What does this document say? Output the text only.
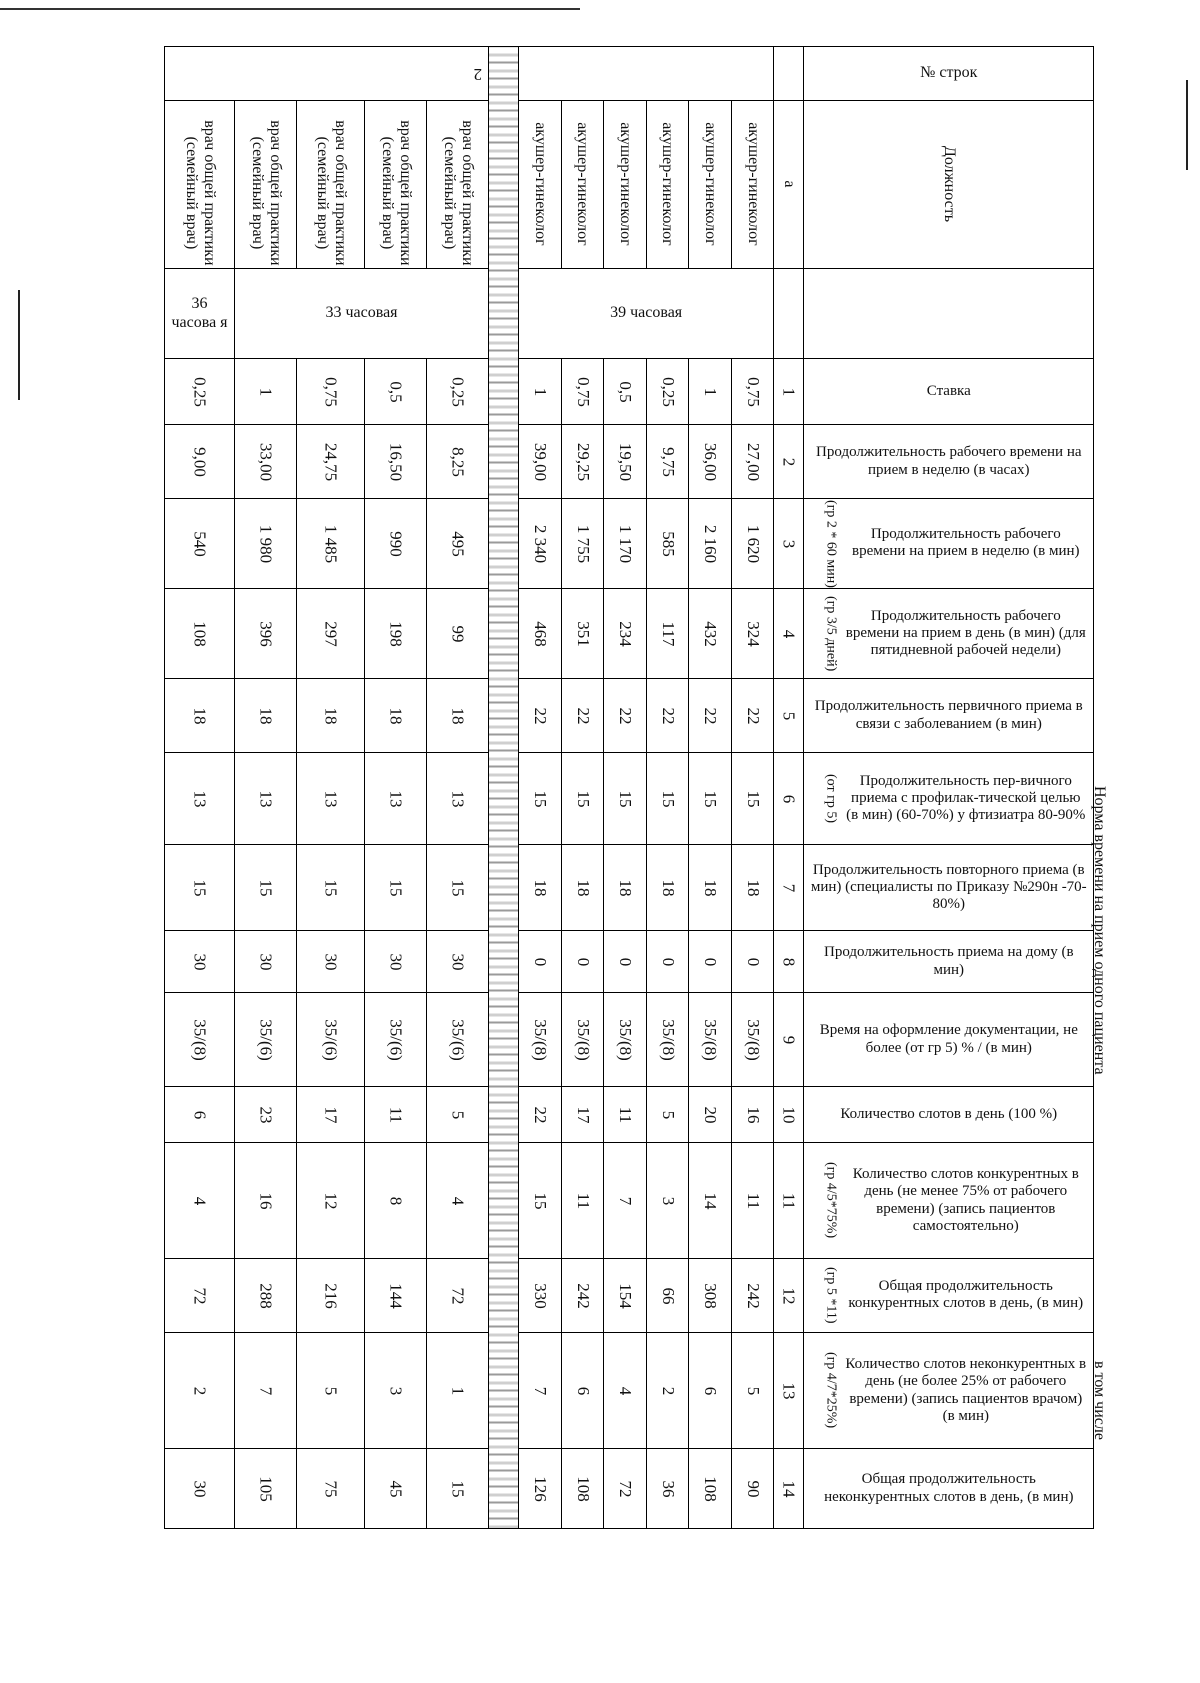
2													№ строк

врач общей практики (семейный врач)	врач общей практики (семейный врач)	врач общей практики (семейный врач)	врач общей практики (семейный врач)	врач общей практики (семейный врач)		акушер-гинеколог	акушер-гинеколог	акушер-гинеколог	акушер-гинеколог	акушер-гинеколог	акушер-гинеколог	а	Должность

36 часова я	33 часовая					39 часовая							

0,25	1	0,75	0,5	0,25		1	0,75	0,5	0,25	1	0,75	1	Ставка

9,00	33,00	24,75	16,50	8,25		39,00	29,25	19,50	9,75	36,00	27,00	2	Продолжительность рабочего времени на прием в неделю (в часах)

540	1 980	1 485	990	495		2 340	1 755	1 170	585	2 160	1 620	3	(гр 2 * 60 мин) Продолжительность рабочего времени на прием в неделю (в мин)

108	396	297	198	99		468	351	234	117	432	324	4	(гр 3/5 дней) Продолжительность рабочего времени на прием в день (в мин) (для пятидневной рабочей недели)

18	18	18	18	18		22	22	22	22	22	22	5	Продолжительность первичного приема в связи с заболеванием (в мин)

13	13	13	13	13		15	15	15	15	15	15	6	(от гр 5) Продолжительность пер-вичного приема с профилак-тической целью (в мин) (60-70%) у фтизиатра 80-90%

15	15	15	15	15		18	18	18	18	18	18	7	Продолжительность повторного приема (в мин) (специалисты по Приказу №290н -70-80%)

30	30	30	30	30		0	0	0	0	0	0	8	Продолжительность приема на дому (в мин)

35/(8)	35/(6)	35/(6)	35/(6)	35/(6)		35/(8)	35/(8)	35/(8)	35/(8)	35/(8)	35/(8)	9	Время на оформление документации, не более (от гр 5) % / (в мин)

6	23	17	11	5		22	17	11	5	20	16	10	Количество слотов в день (100 %)

4	16	12	8	4		15	11	7	3	14	11	11	(гр 4/5*75%) Количество слотов конкурентных в день (не менее 75% от рабочего времени) (запись пациентов самостоятельно)

72	288	216	144	72		330	242	154	66	308	242	12	(гр 5 *11) Общая продолжительность конкурентных слотов в день, (в мин)

2	7	5	3	1		7	6	4	2	6	5	13	(гр 4/7*25%) Количество слотов неконкурентных в день (не более 25% от рабочего времени) (запись пациентов врачом) (в мин)

30	105	75	45	15		126	108	72	36	108	90	14	Общая продолжительность неконкурентных слотов в день, (в мин)
Норма времени на прием одного пациента
в том числе
